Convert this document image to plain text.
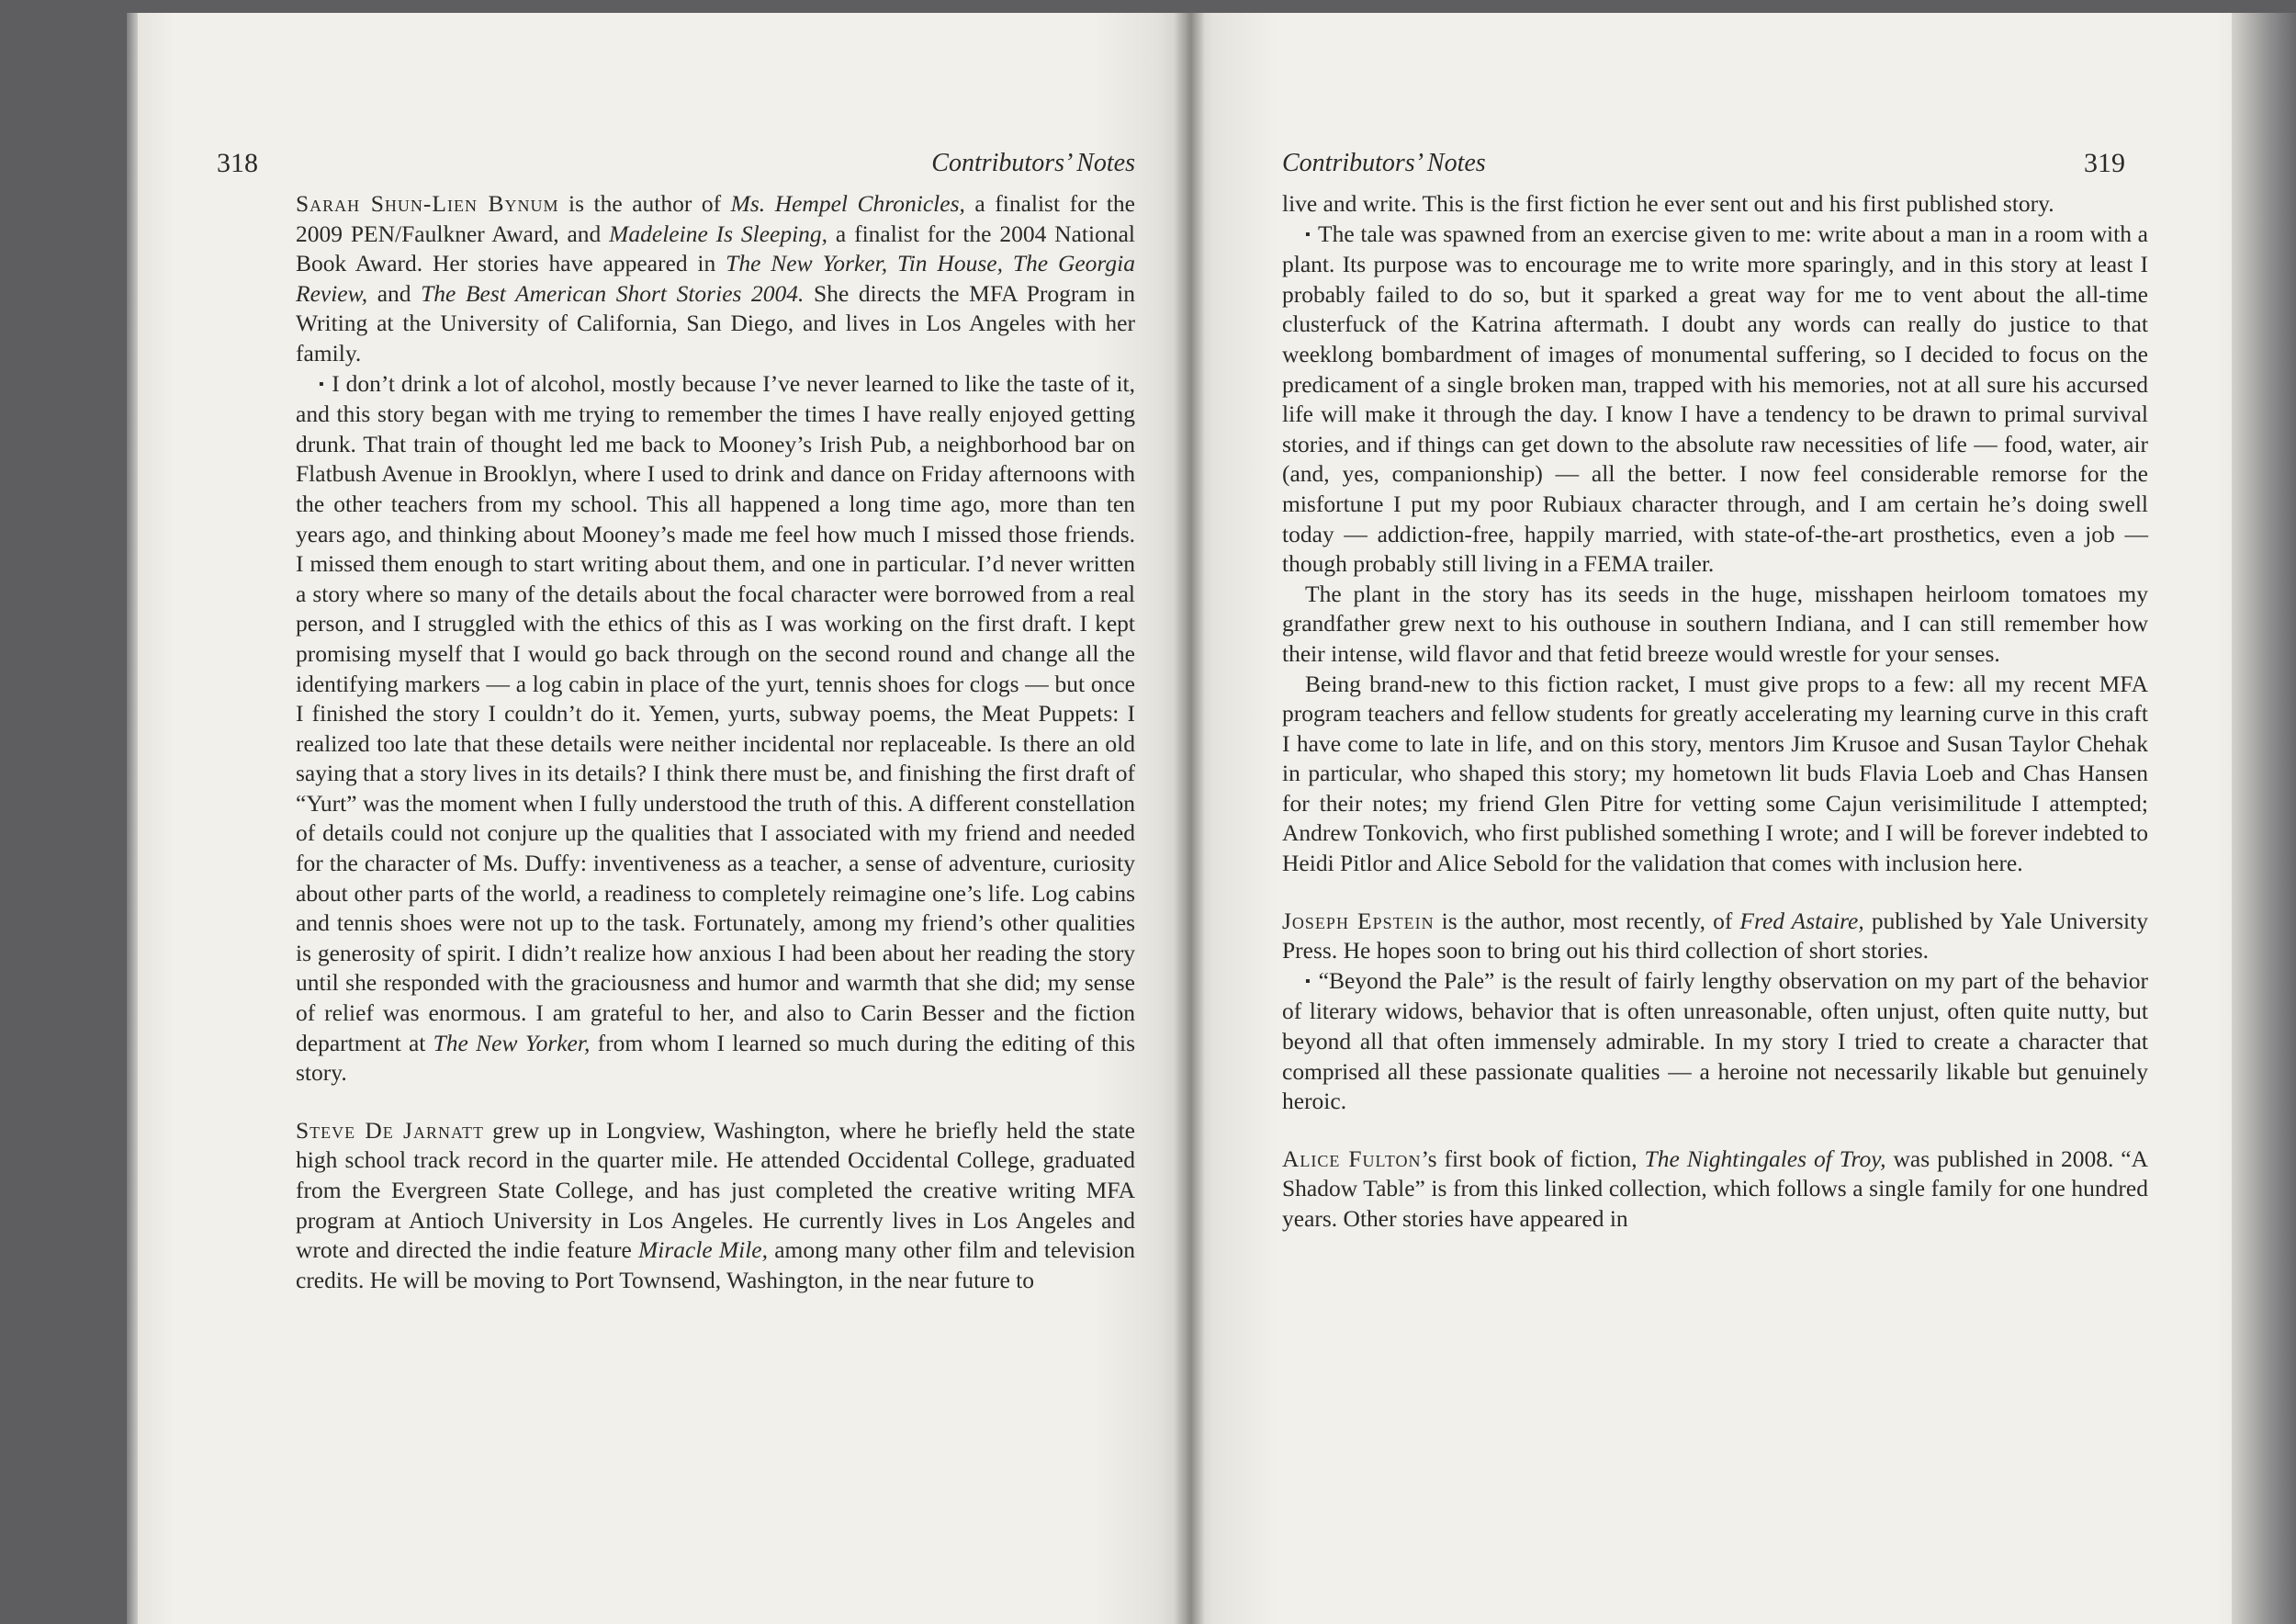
318	Contributors’ Notes

Sarah Shun-Lien Bynum is the author of Ms. Hempel Chronicles, a finalist for the 2009 PEN/Faulkner Award, and Madeleine Is Sleeping, a finalist for the 2004 National Book Award. Her stories have appeared in The New Yorker, Tin House, The Georgia Review, and The Best American Short Stories 2004. She directs the MFA Program in Writing at the University of California, San Diego, and lives in Los Angeles with her family.

▪ I don’t drink a lot of alcohol, mostly because I’ve never learned to like the taste of it, and this story began with me trying to remember the times I have really enjoyed getting drunk. That train of thought led me back to Mooney’s Irish Pub, a neighborhood bar on Flatbush Avenue in Brooklyn, where I used to drink and dance on Friday afternoons with the other teachers from my school. This all happened a long time ago, more than ten years ago, and thinking about Mooney’s made me feel how much I missed those friends. I missed them enough to start writing about them, and one in particular. I’d never written a story where so many of the details about the focal character were borrowed from a real person, and I struggled with the ethics of this as I was working on the first draft. I kept promising myself that I would go back through on the second round and change all the identifying markers — a log cabin in place of the yurt, tennis shoes for clogs — but once I finished the story I couldn’t do it. Yemen, yurts, subway poems, the Meat Puppets: I realized too late that these details were neither incidental nor replaceable. Is there an old saying that a story lives in its details? I think there must be, and finishing the first draft of “Yurt” was the moment when I fully understood the truth of this. A different constellation of details could not conjure up the qualities that I associated with my friend and needed for the character of Ms. Duffy: inventiveness as a teacher, a sense of adventure, curiosity about other parts of the world, a readiness to completely reimagine one’s life. Log cabins and tennis shoes were not up to the task. Fortunately, among my friend’s other qualities is generosity of spirit. I didn’t realize how anxious I had been about her reading the story until she responded with the graciousness and humor and warmth that she did; my sense of relief was enormous. I am grateful to her, and also to Carin Besser and the fiction department at The New Yorker, from whom I learned so much during the editing of this story.

Steve De Jarnatt grew up in Longview, Washington, where he briefly held the state high school track record in the quarter mile. He attended Occidental College, graduated from the Evergreen State College, and has just completed the creative writing MFA program at Antioch University in Los Angeles. He currently lives in Los Angeles and wrote and directed the indie feature Miracle Mile, among many other film and television credits. He will be moving to Port Townsend, Washington, in the near future to

Contributors’ Notes	319

live and write. This is the first fiction he ever sent out and his first published story.

▪ The tale was spawned from an exercise given to me: write about a man in a room with a plant. Its purpose was to encourage me to write more sparingly, and in this story at least I probably failed to do so, but it sparked a great way for me to vent about the all-time clusterfuck of the Katrina aftermath. I doubt any words can really do justice to that weeklong bombardment of images of monumental suffering, so I decided to focus on the predicament of a single broken man, trapped with his memories, not at all sure his accursed life will make it through the day. I know I have a tendency to be drawn to primal survival stories, and if things can get down to the absolute raw necessities of life — food, water, air (and, yes, companionship) — all the better. I now feel considerable remorse for the misfortune I put my poor Rubiaux character through, and I am certain he’s doing swell today — addiction-free, happily married, with state-of-the-art prosthetics, even a job — though probably still living in a FEMA trailer.

The plant in the story has its seeds in the huge, misshapen heirloom tomatoes my grandfather grew next to his outhouse in southern Indiana, and I can still remember how their intense, wild flavor and that fetid breeze would wrestle for your senses.

Being brand-new to this fiction racket, I must give props to a few: all my recent MFA program teachers and fellow students for greatly accelerating my learning curve in this craft I have come to late in life, and on this story, mentors Jim Krusoe and Susan Taylor Chehak in particular, who shaped this story; my hometown lit buds Flavia Loeb and Chas Hansen for their notes; my friend Glen Pitre for vetting some Cajun verisimilitude I attempted; Andrew Tonkovich, who first published something I wrote; and I will be forever indebted to Heidi Pitlor and Alice Sebold for the validation that comes with inclusion here.

Joseph Epstein is the author, most recently, of Fred Astaire, published by Yale University Press. He hopes soon to bring out his third collection of short stories.

▪ “Beyond the Pale” is the result of fairly lengthy observation on my part of the behavior of literary widows, behavior that is often unreasonable, often unjust, often quite nutty, but beyond all that often immensely admirable. In my story I tried to create a character that comprised all these passionate qualities — a heroine not necessarily likable but genuinely heroic.

Alice Fulton’s first book of fiction, The Nightingales of Troy, was published in 2008. “A Shadow Table” is from this linked collection, which follows a single family for one hundred years. Other stories have appeared in
